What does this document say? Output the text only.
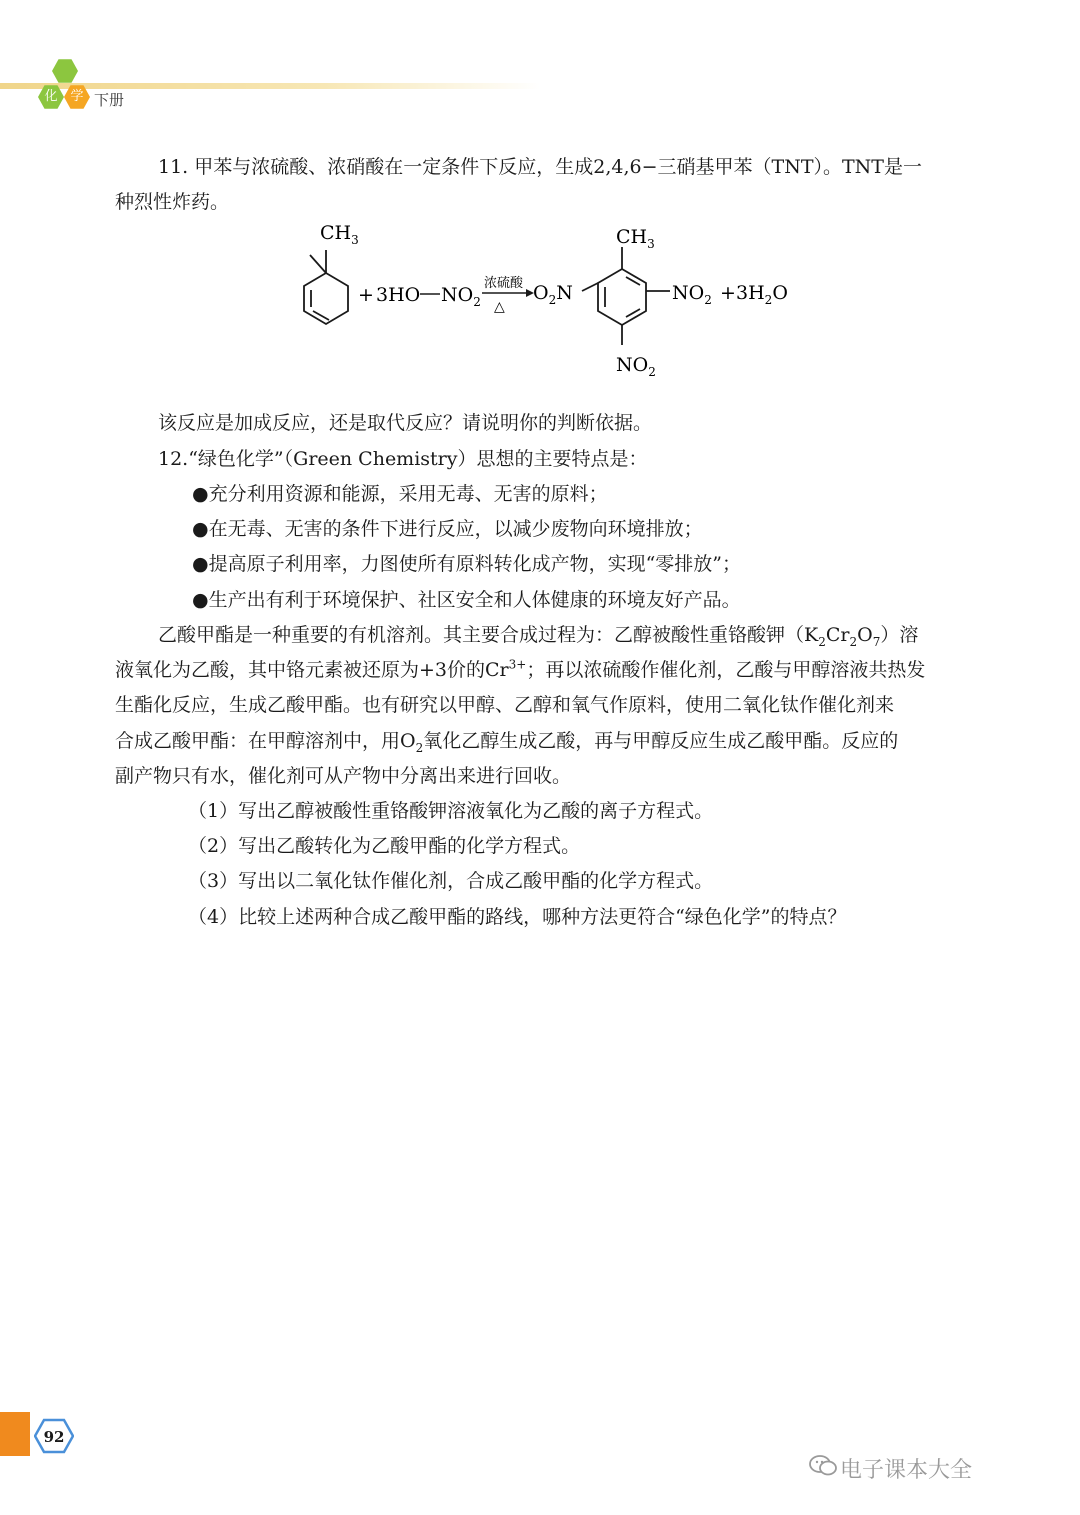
化 学 下册
11. 甲苯与浓硫酸、浓硝酸在一定条件下反应，生成2,4,6−三硝基甲苯（TNT）。TNT是一
种烈性炸药。
$CH_3$
+ 3HO $NO_2$
浓硫酸
△
$O_2N$
$CH_3$
$NO_2 + 3H_2O$
$NO_2$
该反应是加成反应，还是取代反应？请说明你的判断依据。
12.“绿色化学”（Green Chemistry）思想的主要特点是：
●充分利用资源和能源，采用无毒、无害的原料；
●在无毒、无害的条件下进行反应，以减少废物向环境排放；
●提高原子利用率，力图使所有原料转化成产物，实现“零排放”；
●生产出有利于环境保护、社区安全和人体健康的环境友好产品。
乙酸甲酯是一种重要的有机溶剂。其主要合成过程为：乙醇被酸性重铬酸钾$(K_2Cr_2O_7)$溶
液氧化为乙酸，其中铬元素被还原为+3价的$Cr^{3+}$；再以浓硫酸作催化剂，乙酸与甲醇溶液共热发
生酯化反应，生成乙酸甲酯。也有研究以甲醇、乙醇和氧气作原料，使用二氧化钛作催化剂来
合成乙酸甲酯：在甲醇溶剂中，用$O_2$氧化乙醇生成乙酸，再与甲醇反应生成乙酸甲酯。反应的
副产物只有水，催化剂可从产物中分离出来进行回收。
（1）写出乙醇被酸性重铬酸钾溶液氧化为乙酸的离子方程式。
（2）写出乙酸转化为乙酸甲酯的化学方程式。
（3）写出以二氧化钛作催化剂，合成乙酸甲酯的化学方程式。
（4）比较上述两种合成乙酸甲酯的路线，哪种方法更符合“绿色化学”的特点？
92
电子课本大全
